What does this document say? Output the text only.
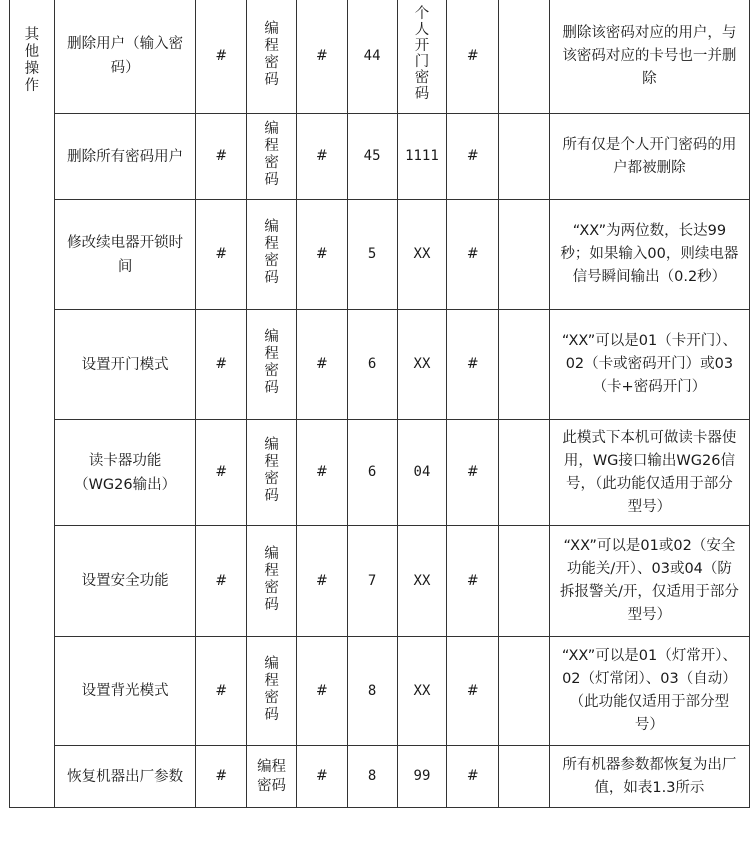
其他操作	删除用户（输入密码）	#	编程密码	#	44	个人开门密码	#		删除该密码对应的用户，与该密码对应的卡号也一并删除

	删除所有密码用户	#	编程密码	#	45	1111	#		所有仅是个人开门密码的用户都被删除

	修改续电器开锁时间	#	编程密码	#	5	XX	#		“XX”为两位数，长达99秒；如果输入00，则续电器信号瞬间输出（0.2秒）

	设置开门模式	#	编程密码	#	6	XX	#		“XX”可以是01（卡开门）、02（卡或密码开门）或03（卡+密码开门）

	读卡器功能（WG26输出）	#	编程密码	#	6	04	#		此模式下本机可做读卡器使用，WG接口输出WG26信号，（此功能仅适用于部分型号）

	设置安全功能	#	编程密码	#	7	XX	#		“XX”可以是01或02（安全功能关/开）、03或04（防拆报警关/开，仅适用于部分型号）

	设置背光模式	#	编程密码	#	8	XX	#		“XX”可以是01（灯常开）、02（灯常闭）、03（自动）（此功能仅适用于部分型号）

	恢复机器出厂参数	#	编程密码	#	8	99	#		所有机器参数都恢复为出厂值，如表1.3所示
